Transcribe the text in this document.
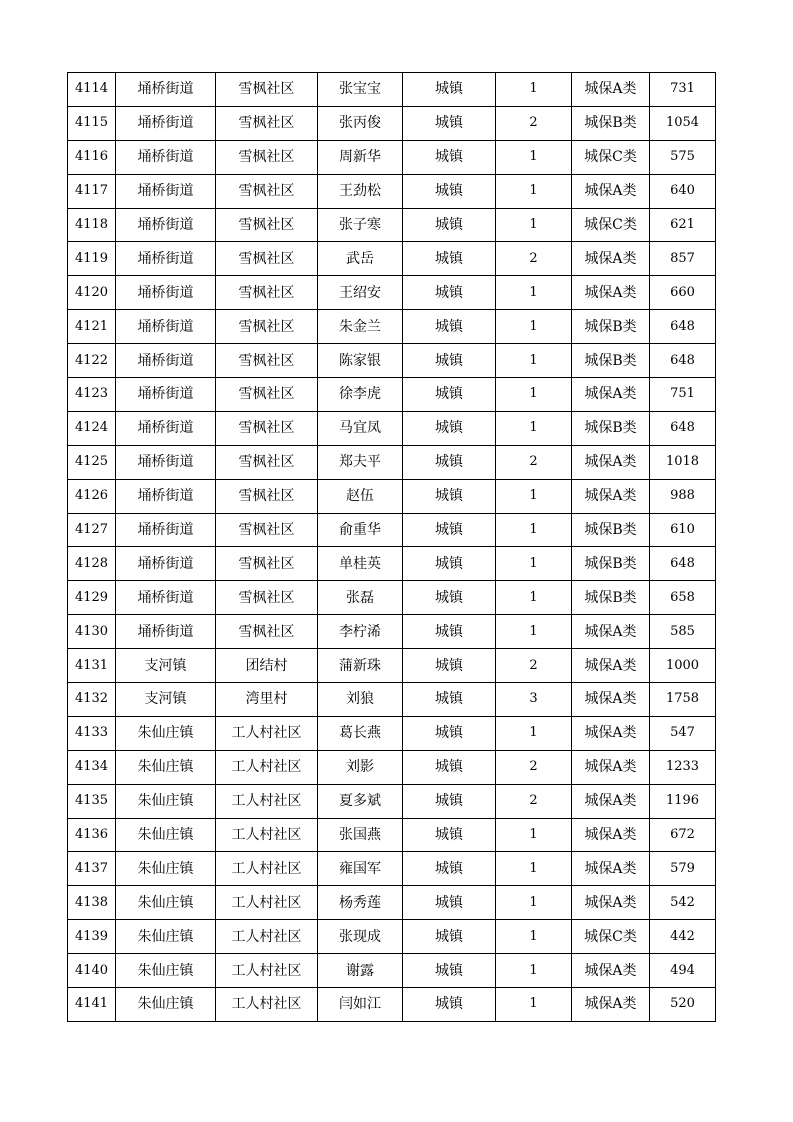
4114	埇桥街道	雪枫社区	张宝宝	城镇	1	城保A类	731
4115	埇桥街道	雪枫社区	张丙俊	城镇	2	城保B类	1054
4116	埇桥街道	雪枫社区	周新华	城镇	1	城保C类	575
4117	埇桥街道	雪枫社区	王劲松	城镇	1	城保A类	640
4118	埇桥街道	雪枫社区	张子寒	城镇	1	城保C类	621
4119	埇桥街道	雪枫社区	武岳	城镇	2	城保A类	857
4120	埇桥街道	雪枫社区	王绍安	城镇	1	城保A类	660
4121	埇桥街道	雪枫社区	朱金兰	城镇	1	城保B类	648
4122	埇桥街道	雪枫社区	陈家银	城镇	1	城保B类	648
4123	埇桥街道	雪枫社区	徐李虎	城镇	1	城保A类	751
4124	埇桥街道	雪枫社区	马宜凤	城镇	1	城保B类	648
4125	埇桥街道	雪枫社区	郑夫平	城镇	2	城保A类	1018
4126	埇桥街道	雪枫社区	赵伍	城镇	1	城保A类	988
4127	埇桥街道	雪枫社区	俞重华	城镇	1	城保B类	610
4128	埇桥街道	雪枫社区	单桂英	城镇	1	城保B类	648
4129	埇桥街道	雪枫社区	张磊	城镇	1	城保B类	658
4130	埇桥街道	雪枫社区	李柠浠	城镇	1	城保A类	585
4131	支河镇	团结村	蒲新珠	城镇	2	城保A类	1000
4132	支河镇	湾里村	刘狼	城镇	3	城保A类	1758
4133	朱仙庄镇	工人村社区	葛长燕	城镇	1	城保A类	547
4134	朱仙庄镇	工人村社区	刘影	城镇	2	城保A类	1233
4135	朱仙庄镇	工人村社区	夏多斌	城镇	2	城保A类	1196
4136	朱仙庄镇	工人村社区	张国燕	城镇	1	城保A类	672
4137	朱仙庄镇	工人村社区	雍国军	城镇	1	城保A类	579
4138	朱仙庄镇	工人村社区	杨秀莲	城镇	1	城保A类	542
4139	朱仙庄镇	工人村社区	张现成	城镇	1	城保C类	442
4140	朱仙庄镇	工人村社区	谢露	城镇	1	城保A类	494
4141	朱仙庄镇	工人村社区	闫如江	城镇	1	城保A类	520
